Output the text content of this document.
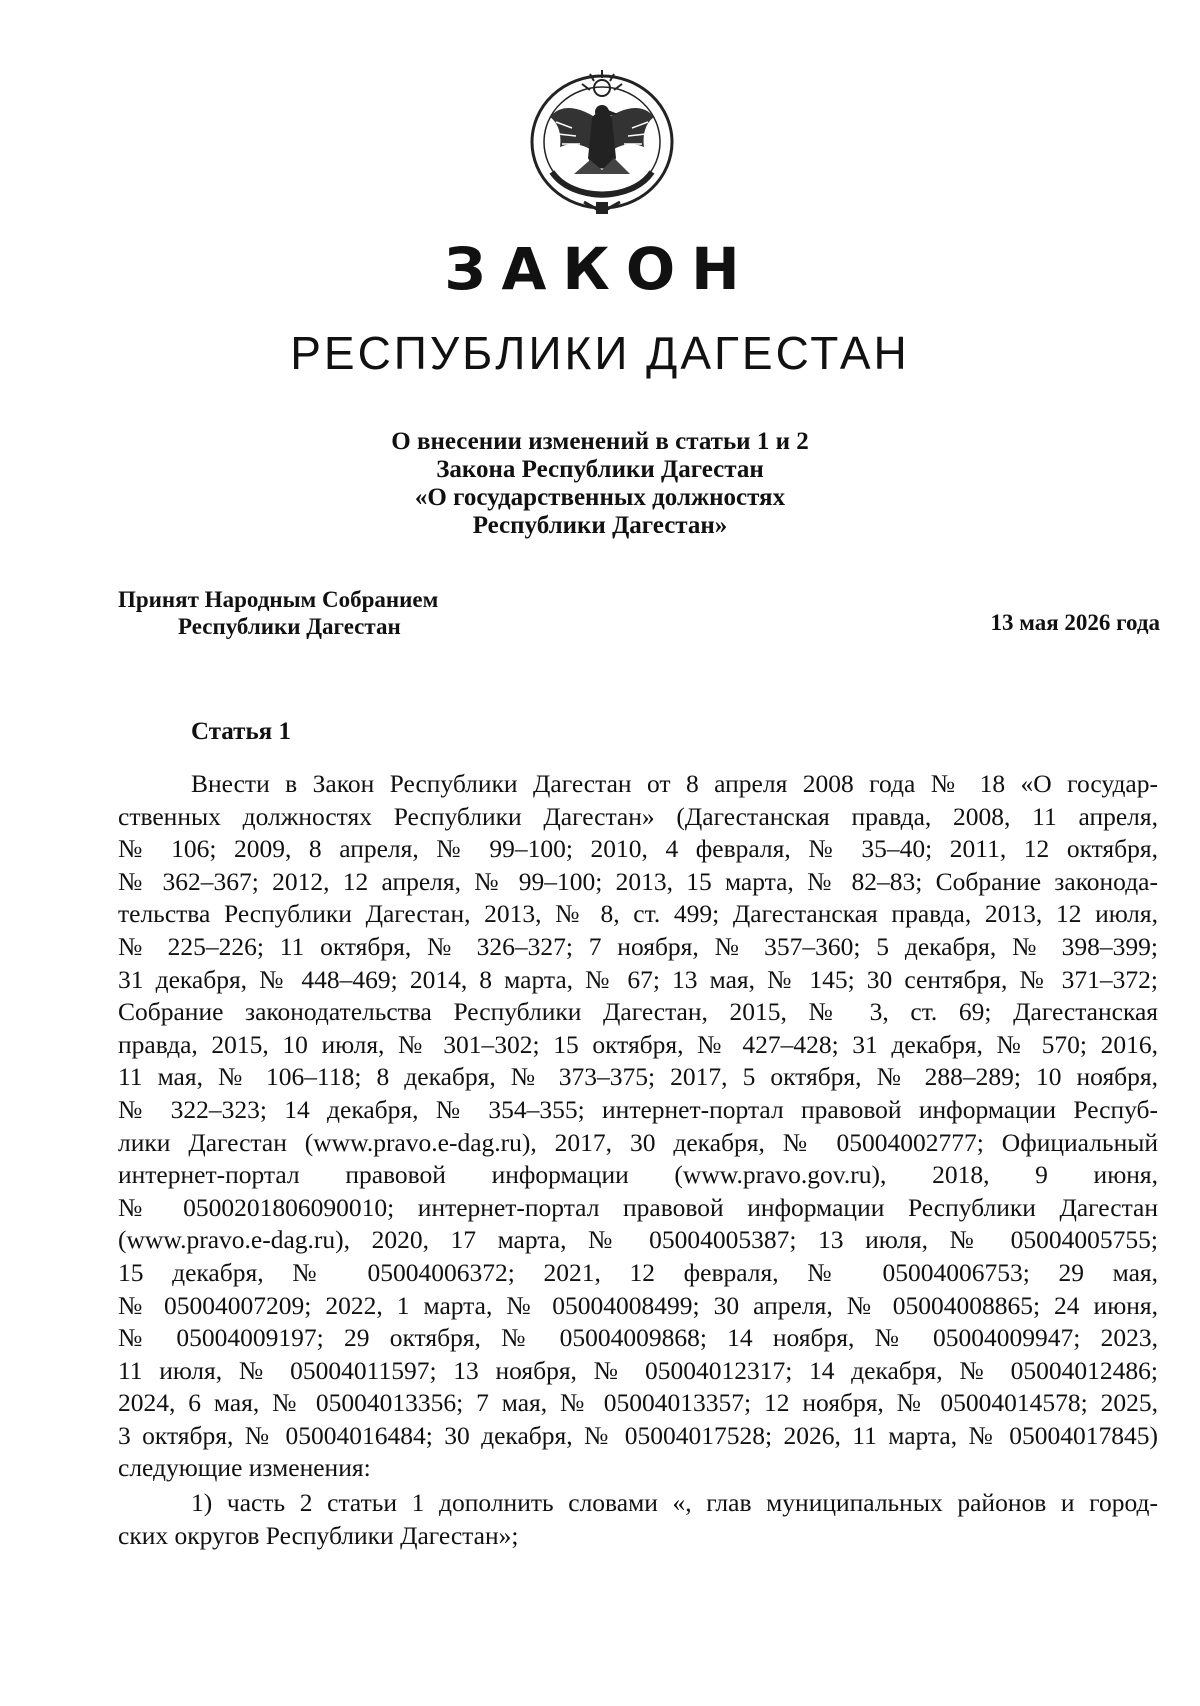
ЗАКОН
РЕСПУБЛИКИ ДАГЕСТАН
О внесении изменений в статьи 1 и 2
Закона Республики Дагестан
«О государственных должностях
Республики Дагестан»
Принят Народным Собранием
Республики Дагестан	13 мая 2026 года
Статья 1
Внести в Закон Республики Дагестан от 8 апреля 2008 года № 18 «О государ-
ственных должностях Республики Дагестан» (Дагестанская правда, 2008, 11 апреля,
№ 106; 2009, 8 апреля, № 99–100; 2010, 4 февраля, № 35–40; 2011, 12 октября,
№ 362–367; 2012, 12 апреля, № 99–100; 2013, 15 марта, № 82–83; Собрание законода-
тельства Республики Дагестан, 2013, № 8, ст. 499; Дагестанская правда, 2013, 12 июля,
№ 225–226; 11 октября, № 326–327; 7 ноября, № 357–360; 5 декабря, № 398–399;
31 декабря, № 448–469; 2014, 8 марта, № 67; 13 мая, № 145; 30 сентября, № 371–372;
Собрание законодательства Республики Дагестан, 2015, № 3, ст. 69; Дагестанская
правда, 2015, 10 июля, № 301–302; 15 октября, № 427–428; 31 декабря, № 570; 2016,
11 мая, № 106–118; 8 декабря, № 373–375; 2017, 5 октября, № 288–289; 10 ноября,
№ 322–323; 14 декабря, № 354–355; интернет-портал правовой информации Респуб-
лики Дагестан (www.pravo.e-dag.ru), 2017, 30 декабря, № 05004002777; Официальный
интернет-портал правовой информации (www.pravo.gov.ru), 2018, 9 июня,
№ 0500201806090010; интернет-портал правовой информации Республики Дагестан
(www.pravo.e-dag.ru), 2020, 17 марта, № 05004005387; 13 июля, № 05004005755;
15 декабря, № 05004006372; 2021, 12 февраля, № 05004006753; 29 мая,
№ 05004007209; 2022, 1 марта, № 05004008499; 30 апреля, № 05004008865; 24 июня,
№ 05004009197; 29 октября, № 05004009868; 14 ноября, № 05004009947; 2023,
11 июля, № 05004011597; 13 ноября, № 05004012317; 14 декабря, № 05004012486;
2024, 6 мая, № 05004013356; 7 мая, № 05004013357; 12 ноября, № 05004014578; 2025,
3 октября, № 05004016484; 30 декабря, № 05004017528; 2026, 11 марта, № 05004017845)
следующие изменения:
1) часть 2 статьи 1 дополнить словами «, глав муниципальных районов и город-
ских округов Республики Дагестан»;
